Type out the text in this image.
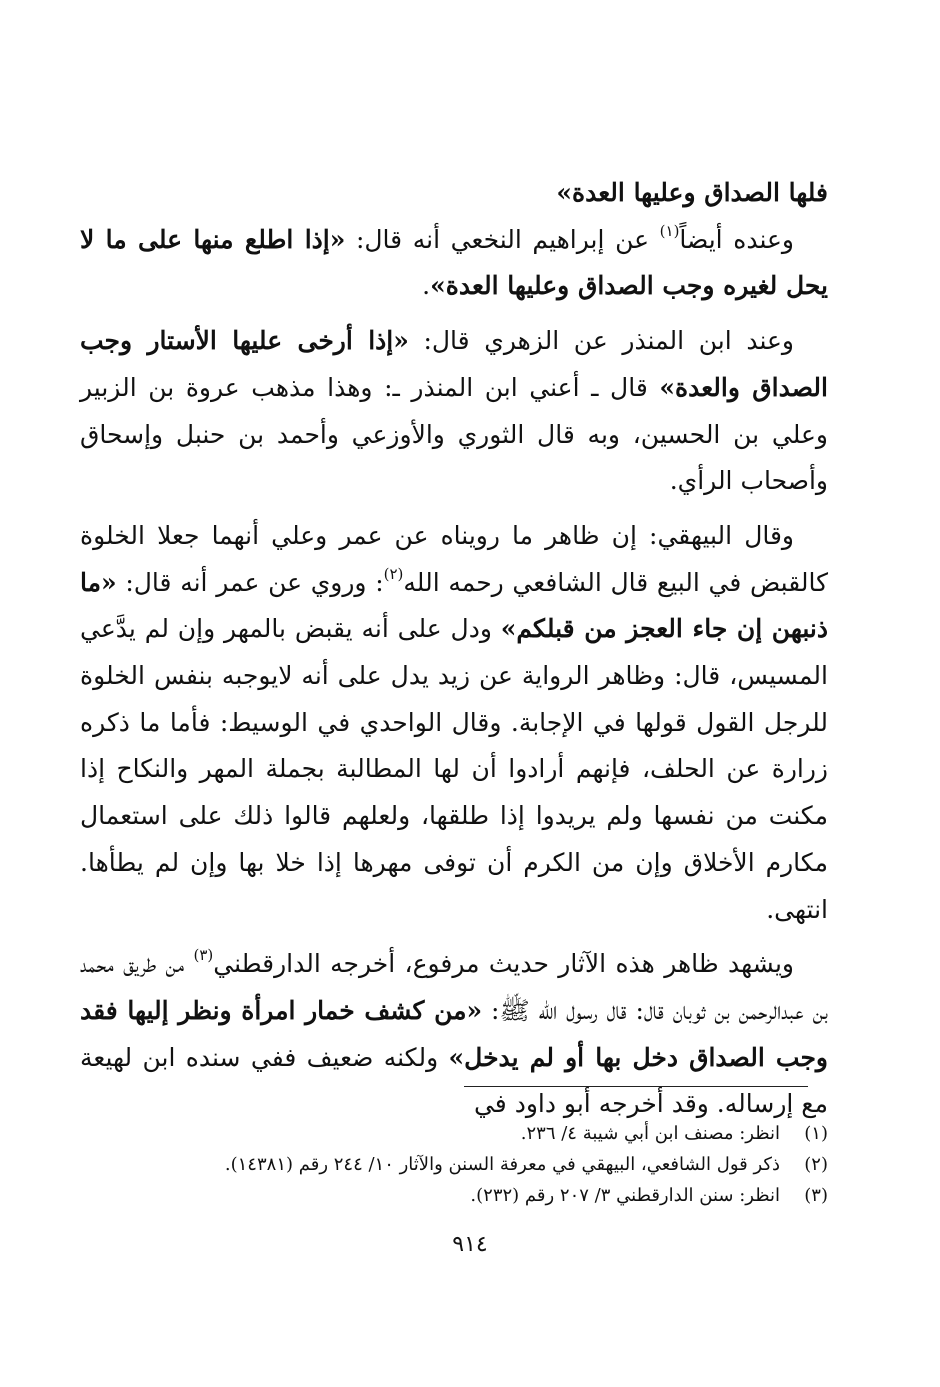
فلها الصداق وعليها العدة»

وعنده أيضاً$^{(١)}$ عن إبراهيم النخعي أنه قال: «إذا اطلع منها على ما لا يحل لغيره وجب الصداق وعليها العدة».

وعند ابن المنذر عن الزهري قال: «إذا أرخى عليها الأستار وجب الصداق والعدة» قال ـ أعني ابن المنذر ـ: وهذا مذهب عروة بن الزبير وعلي بن الحسين، وبه قال الثوري والأوزعي وأحمد بن حنبل وإسحاق وأصحاب الرأي.

وقال البيهقي: إن ظاهر ما رويناه عن عمر وعلي أنهما جعلا الخلوة كالقبض في البيع قال الشافعي رحمه الله$^{(٢)}$: وروي عن عمر أنه قال: «ما ذنبهن إن جاء العجز من قبلكم» ودل على أنه يقبض بالمهر وإن لم يدَّعي المسيس، قال: وظاهر الرواية عن زيد يدل على أنه لايوجبه بنفس الخلوة للرجل القول قولها في الإجابة. وقال الواحدي في الوسيط: فأما ما ذكره زرارة عن الحلف، فإنهم أرادوا أن لها المطالبة بجملة المهر والنكاح إذا مكنت من نفسها ولم يريدوا إذا طلقها، ولعلهم قالوا ذلك على استعمال مكارم الأخلاق وإن من الكرم أن توفى مهرها إذا خلا بها وإن لم يطأها. انتهى.

ويشهد ظاهر هذه الآثار حديث مرفوع، أخرجه الدارقطني$^{(٣)}$ من طريق محمد بن عبدالرحمن بن ثوبان قال: قال رسول الله ﷺ: «من كشف خمار امرأة ونظر إليها فقد وجب الصداق دخل بها أو لم يدخل» ولكنه ضعيف ففي سنده ابن لهيعة مع إرساله. وقد أخرجه أبو داود في

(١)انظر: مصنف ابن أبي شيبة ٤/ ٢٣٦.
(٢)ذكر قول الشافعي، البيهقي في معرفة السنن والآثار ١٠/ ٢٤٤ رقم (١٤٣٨١).
(٣)انظر: سنن الدارقطني ٣/ ٢٠٧ رقم (٢٣٢).
٩١٤
